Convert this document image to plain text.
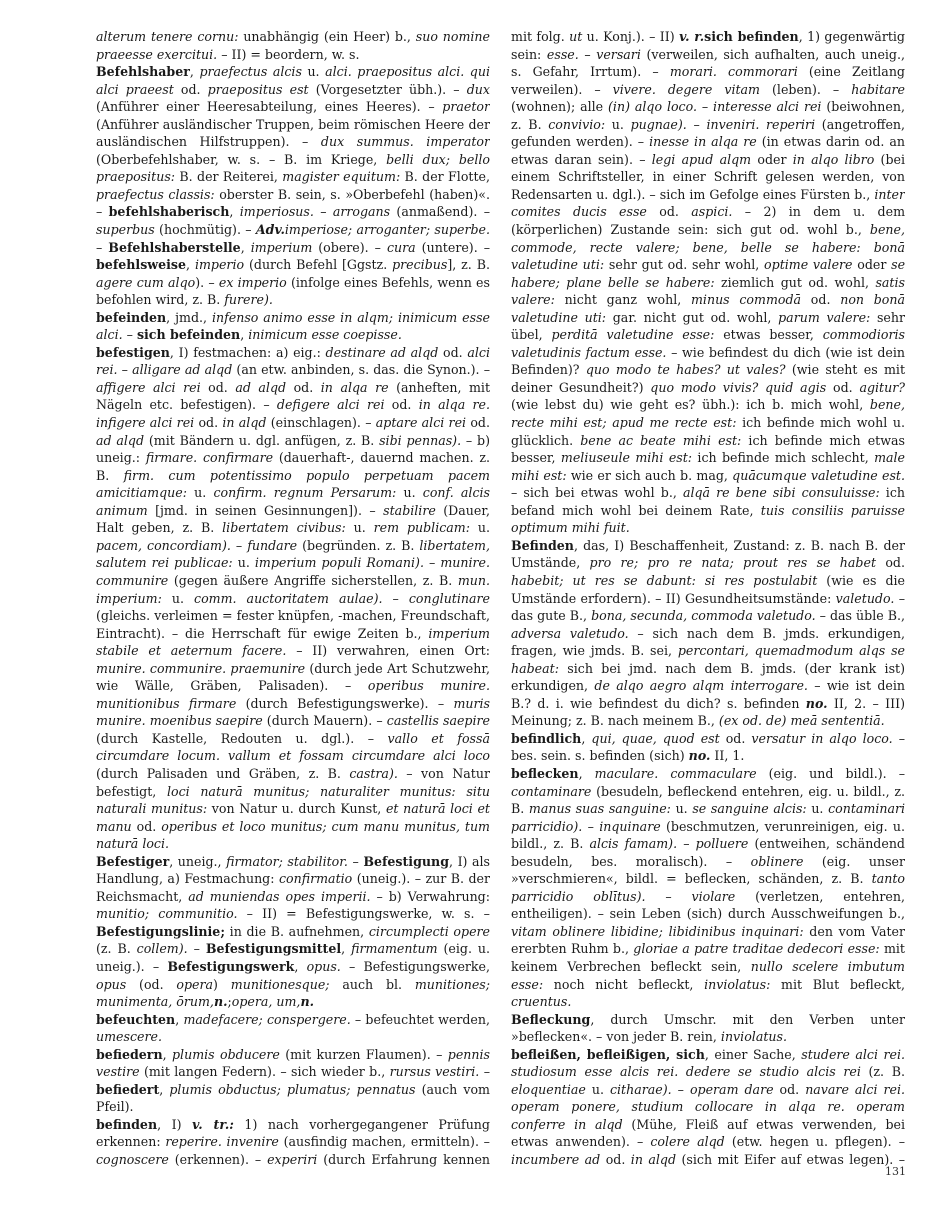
alterum tenere cornu: unabhängig (ein Heer) b., suo nomine praeesse exercitui. – II) = beordern, w. s.

Befehlshaber, praefectus alcis u. alci. praepositus alci. qui alci praeest od. praepositus est (Vorgesetzter übh.). – dux (Anführer einer Heeresabteilung, eines Heeres). – praetor (Anführer ausländischer Truppen, beim römischen Heere der ausländischen Hilfstruppen). – dux summus. imperator (Oberbefehlshaber, w. s. – B. im Kriege, belli dux; bello praepositus: B. der Reiterei, magister equitum: B. der Flotte, praefectus classis: oberster B. sein, s. »Oberbefehl (haben)«. – befehlshaberisch, imperiosus. – arrogans (anmaßend). – superbus (hochmütig). – Adv.imperiose; arroganter; superbe. – Befehlshaberstelle, imperium (obere). – cura (untere). – befehlsweise, imperio (durch Befehl [Ggstz. precibus], z. B. agere cum alqo). – ex imperio (infolge eines Befehls, wenn es befohlen wird, z. B. furere).

befeinden, jmd., infenso animo esse in alqm; inimicum esse alci. – sich befeinden, inimicum esse coepisse.

befestigen, I) festmachen: a) eig.: destinare ad alqd od. alci rei. – alligare ad alqd (an etw. anbinden, s. das. die Synon.). – affigere alci rei od. ad alqd od. in alqa re (anheften, mit Nägeln etc. befestigen). – defigere alci rei od. in alqa re. infigere alci rei od. in alqd (einschlagen). – aptare alci rei od. ad alqd (mit Bändern u. dgl. anfügen, z. B. sibi pennas). – b) uneig.: firmare. confirmare (dauerhaft-, dauernd machen. z. B. firm. cum potentissimo populo perpetuam pacem amicitiamque: u. confirm. regnum Persarum: u. conf. alcis animum [jmd. in seinen Gesinnungen]). – stabilire (Dauer, Halt geben, z. B. libertatem civibus: u. rem publicam: u. pacem, concordiam). – fundare (begründen. z. B. libertatem, salutem rei publicae: u. imperium populi Romani). – munire. communire (gegen äußere Angriffe sicherstellen, z. B. mun. imperium: u. comm. auctoritatem aulae). – conglutinare (gleichs. verleimen = fester knüpfen, -machen, Freundschaft, Eintracht). – die Herrschaft für ewige Zeiten b., imperium stabile et aeternum facere. – II) verwahren, einen Ort: munire. communire. praemunire (durch jede Art Schutzwehr, wie Wälle, Gräben, Palisaden). – operibus munire. munitionibus firmare (durch Befestigungswerke). – muris munire. moenibus saepire (durch Mauern). – castellis saepire (durch Kastelle, Redouten u. dgl.). – vallo et fossā circumdare locum. vallum et fossam circumdare alci loco (durch Palisaden und Gräben, z. B. castra). – von Natur befestigt, loci naturā munitus; naturaliter munitus: situ naturali munitus: von Natur u. durch Kunst, et naturā loci et manu od. operibus et loco munitus; cum manu munitus, tum naturā loci.

Befestiger, uneig., firmator; stabilitor. – Befestigung, I) als Handlung, a) Festmachung: confirmatio (uneig.). – zur B. der Reichsmacht, ad muniendas opes imperii. – b) Verwahrung: munitio; communitio. – II) = Befestigungswerke, w. s. – Befestigungslinie; in die B. aufnehmen, circumplecti opere (z. B. collem). – Befestigungsmittel, firmamentum (eig. u. uneig.). – Befestigungswerk, opus. – Befestigungswerke, opus (od. opera) munitionesque; auch bl. munitiones; munimenta, ōrum,n.;operа, um,n.

befeuchten, madefacere; conspergere. – befeuchtet werden, umescere.

befiedern, plumis obducere (mit kurzen Flaumen). – pennis vestire (mit langen Federn). – sich wieder b., rursus vestiri. – befiedert, plumis obductus; plumatus; pennatus (auch vom Pfeil).

befinden, I) v. tr.: 1) nach vorhergegangener Prüfung erkennen: reperire. invenire (ausfindig machen, ermitteln). – cognoscere (erkennen). – experiri (durch Erfahrung kennen

mit folg. ut u. Konj.). – II) v. r.sich befinden, 1) gegenwärtig sein: esse. – versari (verweilen, sich aufhalten, auch uneig., s. Gefahr, Irrtum). – morari. commorari (eine Zeitlang verweilen). – vivere. degere vitam (leben). – habitare (wohnen); alle (in) alqo loco. – interesse alci rei (beiwohnen, z. B. convivio: u. pugnae). – inveniri. reperiri (angetroffen, gefunden werden). – inesse in alqa re (in etwas darin od. an etwas daran sein). – legi apud alqm oder in alqo libro (bei einem Schriftsteller, in einer Schrift gelesen werden, von Redensarten u. dgl.). – sich im Gefolge eines Fürsten b., inter comites ducis esse od. aspici. – 2) in dem u. dem (körperlichen) Zustande sein: sich gut od. wohl b., bene, commode, recte valere; bene, belle se habere: bonā valetudine uti: sehr gut od. sehr wohl, optime valere oder se habere; plane belle se habere: ziemlich gut od. wohl, satis valere: nicht ganz wohl, minus commodā od. non bonā valetudine uti: gar. nicht gut od. wohl, parum valere: sehr übel, perditā valetudine esse: etwas besser, commodioris valetudinis factum esse. – wie befindest du dich (wie ist dein Befinden)? quo modo te habes? ut vales? (wie steht es mit deiner Gesundheit?) quo modo vivis? quid agis od. agitur? (wie lebst du) wie geht es? übh.): ich b. mich wohl, bene, recte mihi est; apud me recte est: ich befinde mich wohl u. glücklich. bene ac beate mihi est: ich befinde mich etwas besser, meliuseule mihi est: ich befinde mich schlecht, male mihi est: wie er sich auch b. mag, quācumque valetudine est. – sich bei etwas wohl b., alqā re bene sibi consuluisse: ich befand mich wohl bei deinem Rate, tuis consiliis paruisse optimum mihi fuit.

Befinden, das, I) Beschaffenheit, Zustand: z. B. nach B. der Umstände, pro re; pro re nata; prout res se habet od. habebit; ut res se dabunt: si res postulabit (wie es die Umstände erfordern). – II) Gesundheitsumstände: valetudo. – das gute B., bona, secunda, commoda valetudo. – das üble B., adversa valetudo. – sich nach dem B. jmds. erkundigen, fragen, wie jmds. B. sei, percontari, quemadmodum alqs se habeat: sich bei jmd. nach dem B. jmds. (der krank ist) erkundigen, de alqo aegro alqm interrogare. – wie ist dein B.? d. i. wie befindest du dich? s. befinden no. II, 2. – III) Meinung; z. B. nach meinem B., (ex od. de) meā sententiā.

befindlich, qui, quae, quod est od. versatur in alqo loco. – bes. sein. s. befinden (sich) no. II, 1.

beflecken, maculare. commaculare (eig. und bildl.). – contaminare (besudeln, befleckend entehren, eig. u. bildl., z. B. manus suas sanguine: u. se sanguine alcis: u. contaminari parricidio). – inquinare (beschmutzen, verunreinigen, eig. u. bildl., z. B. alcis famam). – polluere (entweihen, schändend besudeln, bes. moralisch). – oblinere (eig. unser »verschmieren«, bildl. = beflecken, schänden, z. B. tanto parricidio oblītus). – violare (verletzen, entehren, entheiligen). – sein Leben (sich) durch Ausschweifungen b., vitam oblinere libidine; libidinibus inquinari: den vom Vater ererbten Ruhm b., gloriae a patre traditae dedecori esse: mit keinem Verbrechen befleckt sein, nullo scelere imbutum esse: noch nicht befleckt, inviolatus: mit Blut befleckt, cruentus.

Befleckung, durch Umschr. mit den Verben unter »beflecken«. – von jeder B. rein, inviolatus.

befleißen, befleißigen, sich, einer Sache, studere alci rei. studiosum esse alcis rei. dedere se studio alcis rei (z. B. eloquentiae u. citharae). – operam dare od. navare alci rei. operam ponere, studium collocare in alqa re. operam conferre in alqd (Mühe, Fleiß auf etwas verwenden, bei etwas anwenden). – colere alqd (etw. hegen u. pflegen). – incumbere ad od. in alqd (sich mit Eifer auf etwas legen). –

131
